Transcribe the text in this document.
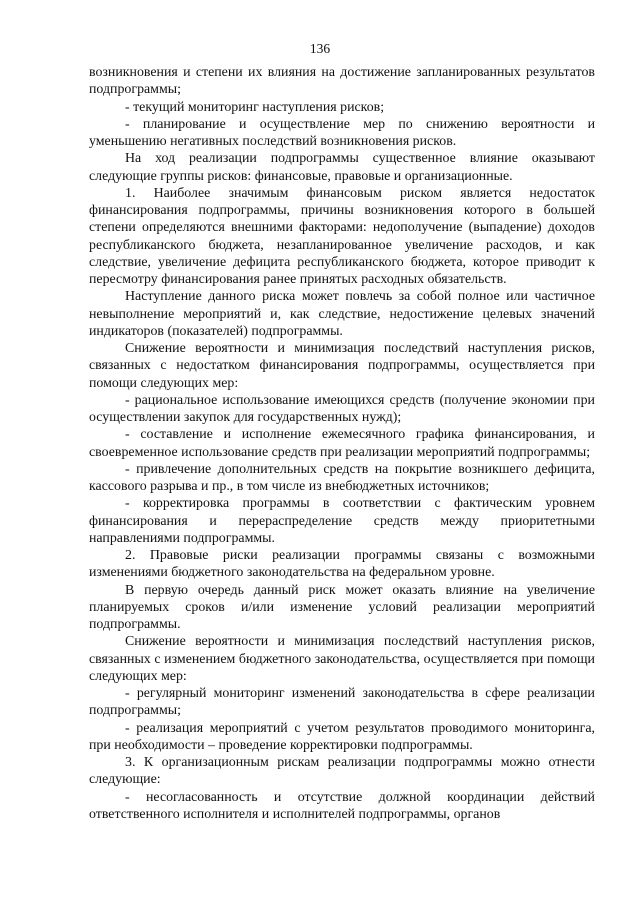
136

возникновения и степени их влияния на достижение запланированных результатов подпрограммы;

- текущий мониторинг наступления рисков;

- планирование и осуществление мер по снижению вероятности и уменьшению негативных последствий возникновения рисков.

На ход реализации подпрограммы существенное влияние оказывают следующие группы рисков: финансовые, правовые и организационные.

1. Наиболее значимым финансовым риском является недостаток финансирования подпрограммы, причины возникновения которого в большей степени определяются внешними факторами: недополучение (выпадение) доходов республиканского бюджета, незапланированное увеличение расходов, и как следствие, увеличение дефицита республиканского бюджета, которое приводит к пересмотру финансирования ранее принятых расходных обязательств.

Наступление данного риска может повлечь за собой полное или частичное невыполнение мероприятий и, как следствие, недостижение целевых значений индикаторов (показателей) подпрограммы.

Снижение вероятности и минимизация последствий наступления рисков, связанных с недостатком финансирования подпрограммы, осуществляется при помощи следующих мер:

- рациональное использование имеющихся средств (получение экономии при осуществлении закупок для государственных нужд);

- составление и исполнение ежемесячного графика финансирования, и своевременное использование средств при реализации мероприятий подпрограммы;

- привлечение дополнительных средств на покрытие возникшего дефицита, кассового разрыва и пр., в том числе из внебюджетных источников;

- корректировка программы в соответствии с фактическим уровнем финансирования и перераспределение средств между приоритетными направлениями подпрограммы.

2. Правовые риски реализации программы связаны с возможными изменениями бюджетного законодательства на федеральном уровне.

В первую очередь данный риск может оказать влияние на увеличение планируемых сроков и/или изменение условий реализации мероприятий подпрограммы.

Снижение вероятности и минимизация последствий наступления рисков, связанных с изменением бюджетного законодательства, осуществляется при помощи следующих мер:

- регулярный мониторинг изменений законодательства в сфере реализации подпрограммы;

- реализация мероприятий с учетом результатов проводимого мониторинга, при необходимости – проведение корректировки подпрограммы.

3. К организационным рискам реализации подпрограммы можно отнести следующие:

- несогласованность и отсутствие должной координации действий ответственного исполнителя и исполнителей подпрограммы, органов
